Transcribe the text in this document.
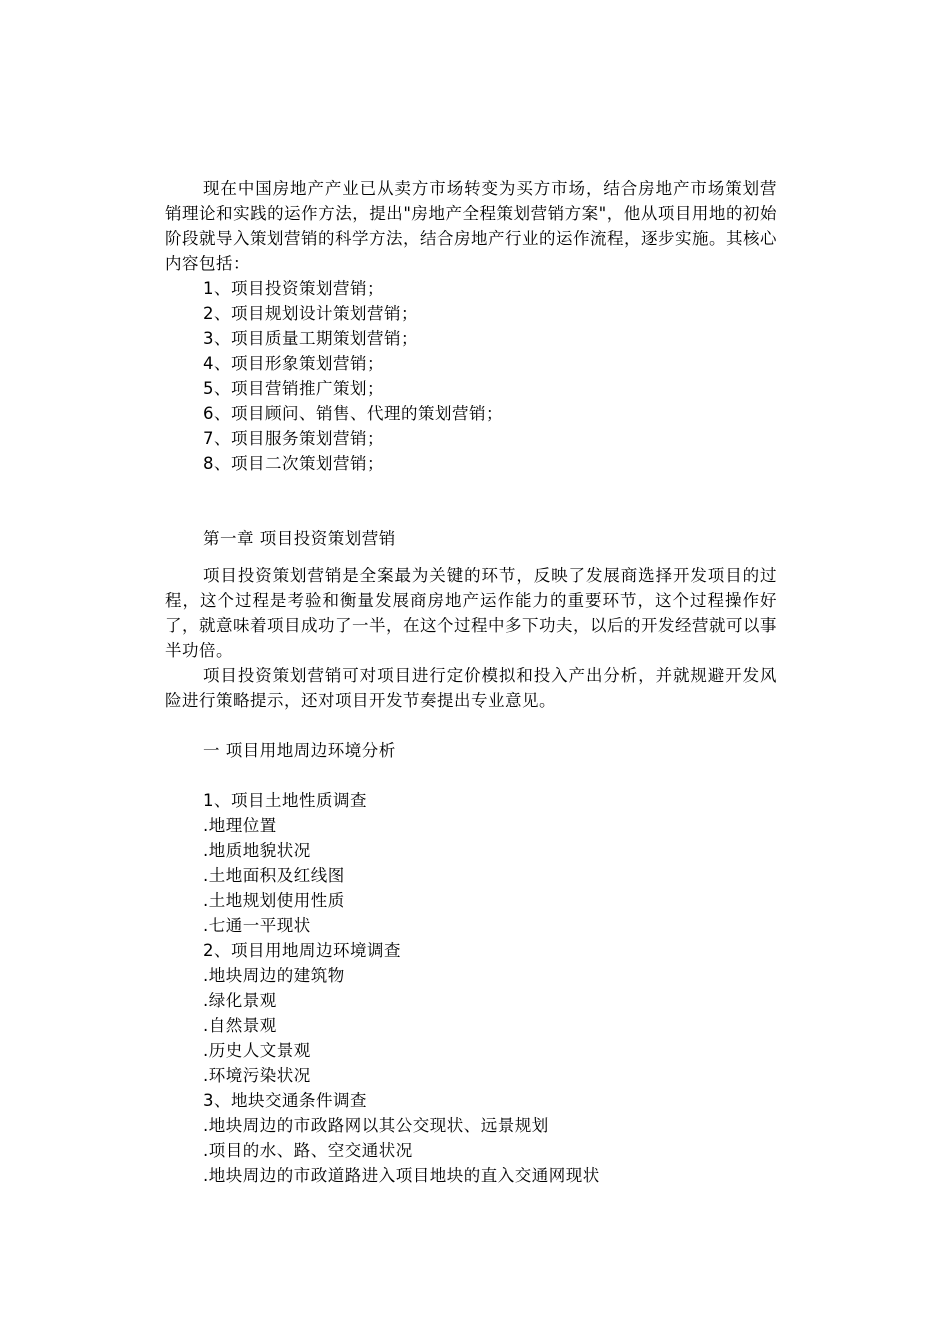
现在中国房地产产业已从卖方市场转变为买方市场，结合房地产市场策划营销理论和实践的运作方法，提出"房地产全程策划营销方案"，他从项目用地的初始阶段就导入策划营销的科学方法，结合房地产行业的运作流程，逐步实施。其核心内容包括：

1、项目投资策划营销；

2、项目规划设计策划营销；

3、项目质量工期策划营销；

4、项目形象策划营销；

5、项目营销推广策划；

6、项目顾问、销售、代理的策划营销；

7、项目服务策划营销；

8、项目二次策划营销；

第一章 项目投资策划营销

项目投资策划营销是全案最为关键的环节，反映了发展商选择开发项目的过程，这个过程是考验和衡量发展商房地产运作能力的重要环节，这个过程操作好了，就意味着项目成功了一半，在这个过程中多下功夫，以后的开发经营就可以事半功倍。

项目投资策划营销可对项目进行定价模拟和投入产出分析，并就规避开发风险进行策略提示，还对项目开发节奏提出专业意见。

一 项目用地周边环境分析

1、项目土地性质调查

.地理位置

.地质地貌状况

.土地面积及红线图

.土地规划使用性质

.七通一平现状

2、项目用地周边环境调查

.地块周边的建筑物

.绿化景观

.自然景观

.历史人文景观

.环境污染状况

3、地块交通条件调查

.地块周边的市政路网以其公交现状、远景规划

.项目的水、路、空交通状况

.地块周边的市政道路进入项目地块的直入交通网现状
